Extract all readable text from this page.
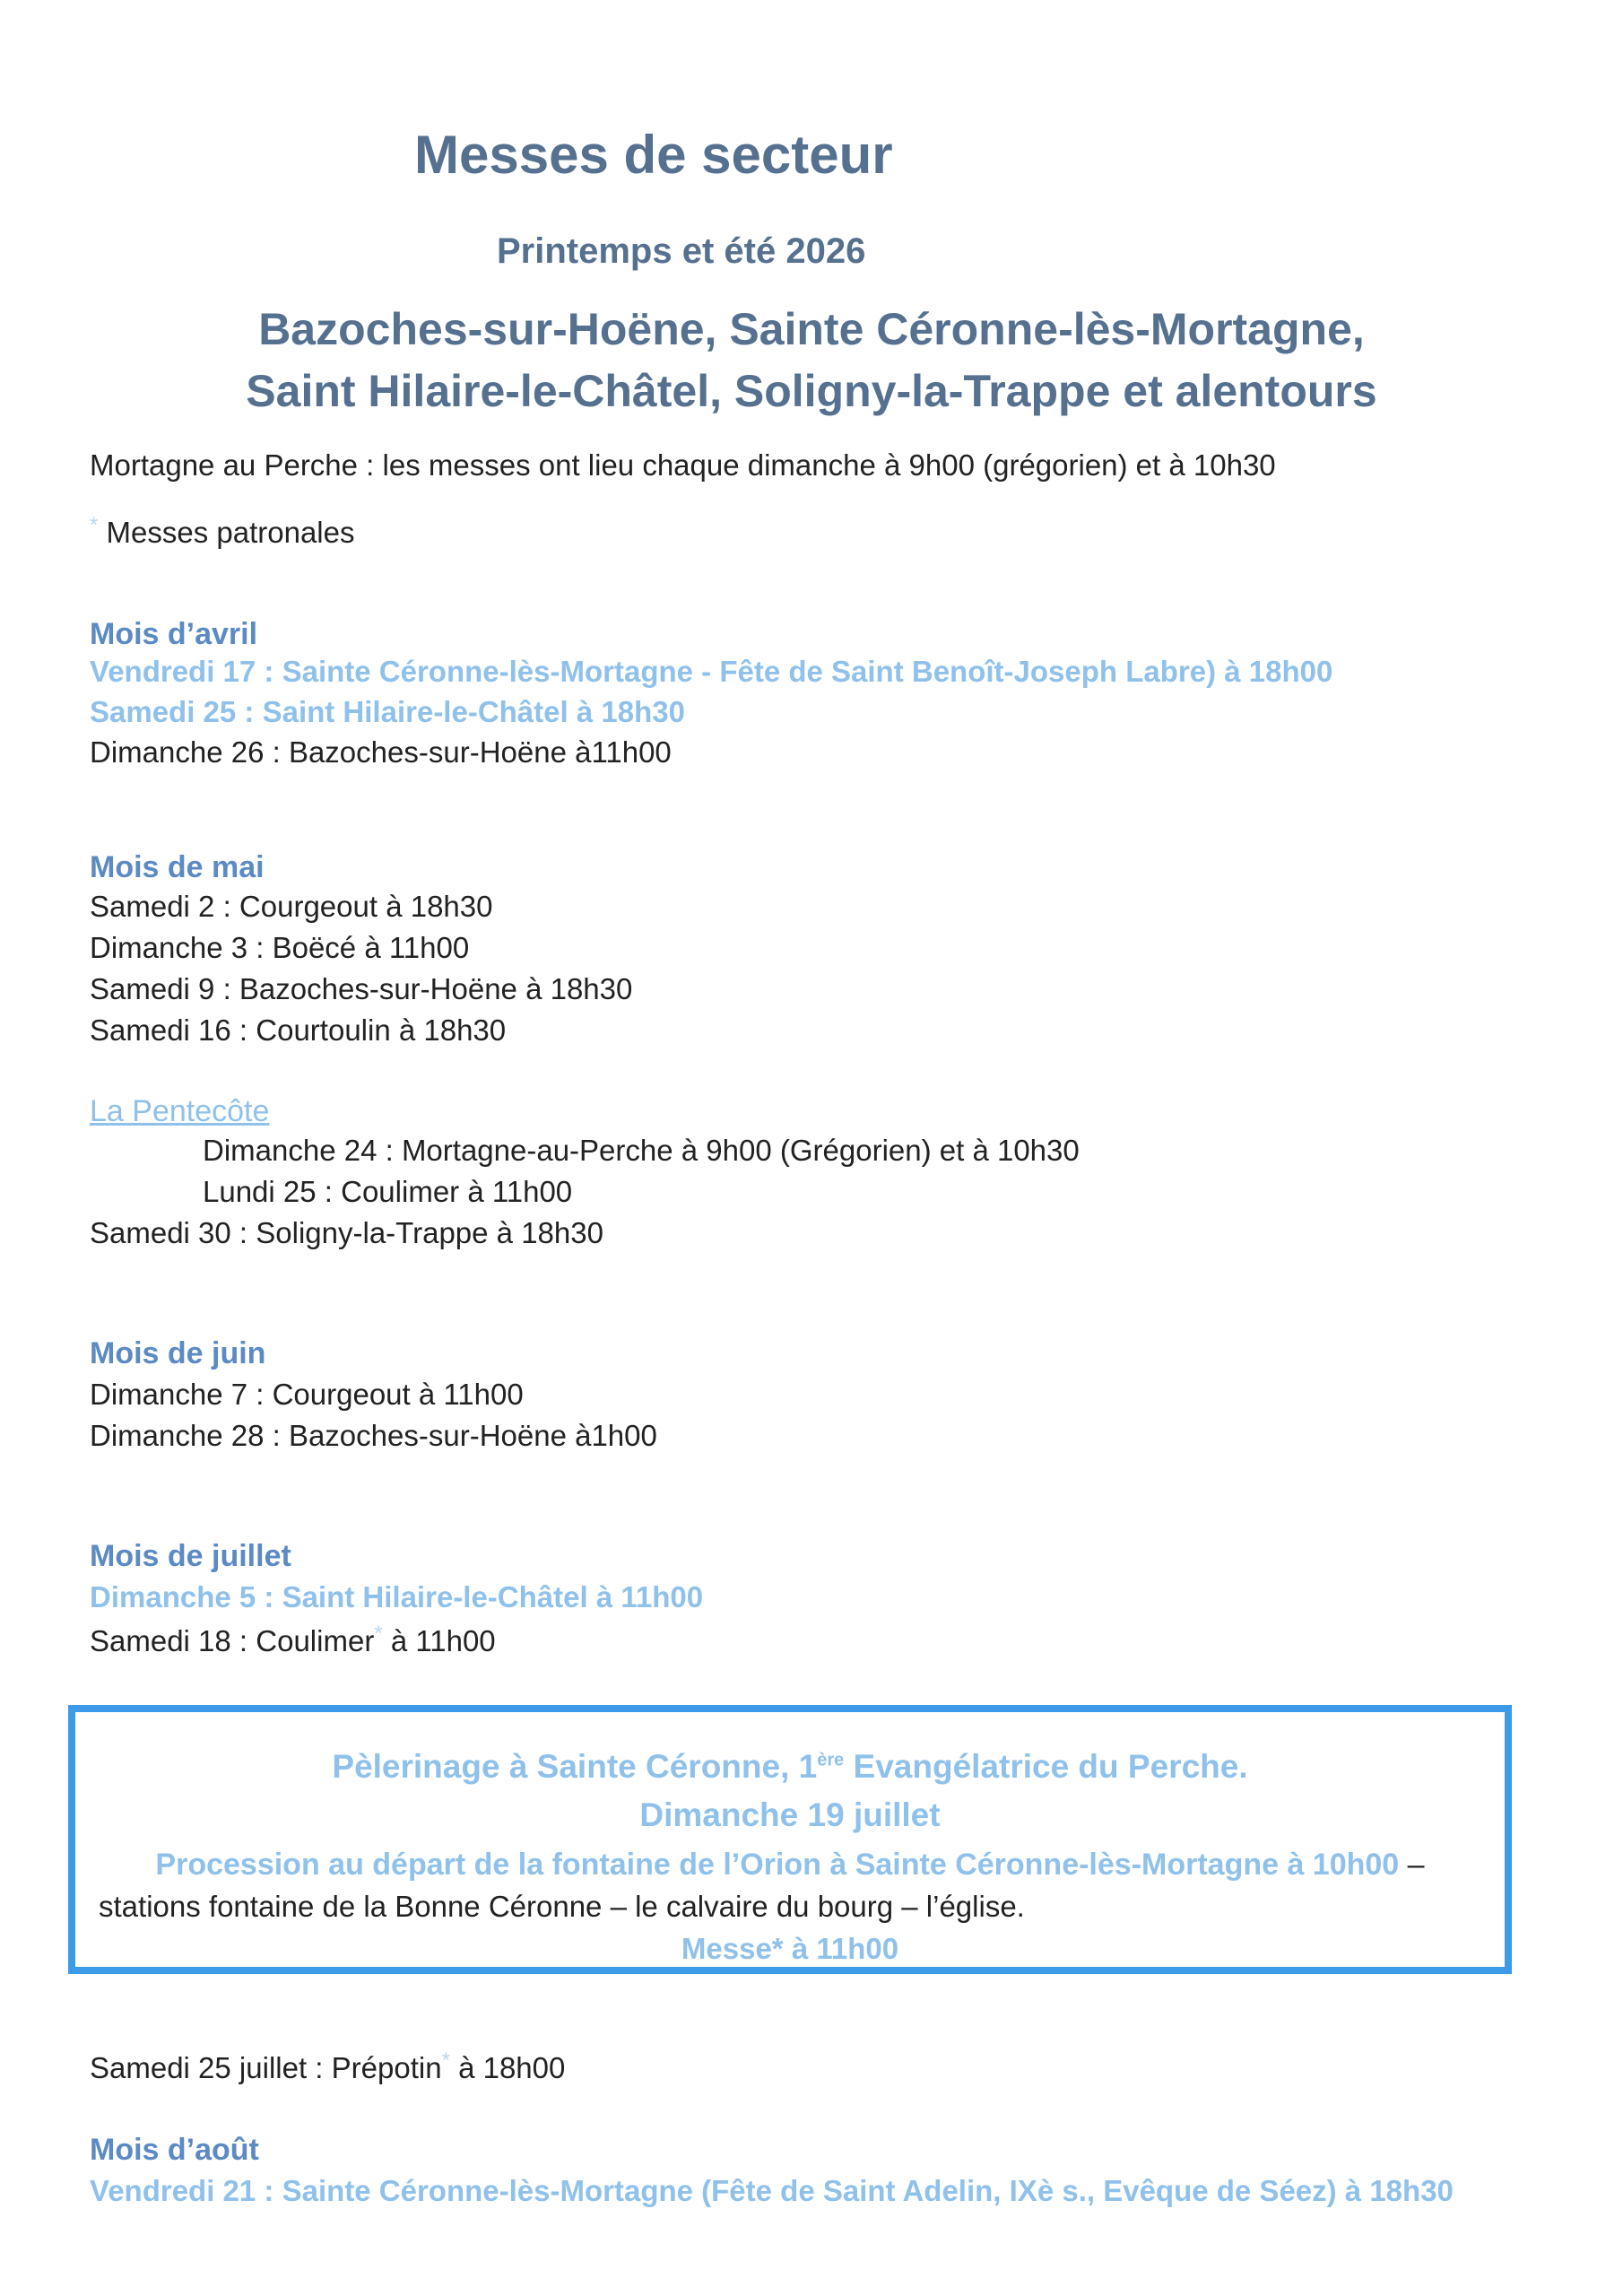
Messes de secteur
Printemps et été 2026
Bazoches-sur-Hoëne, Sainte Céronne-lès-Mortagne,
Saint Hilaire-le-Châtel, Soligny-la-Trappe et alentours
Mortagne au Perche : les messes ont lieu chaque dimanche à 9h00 (grégorien) et à 10h30
* Messes patronales
Mois d’avril
Vendredi 17 : Sainte Céronne-lès-Mortagne - Fête de Saint Benoît-Joseph Labre) à 18h00
Samedi 25 : Saint Hilaire-le-Châtel à 18h30
Dimanche 26 : Bazoches-sur-Hoëne à11h00
Mois de mai
Samedi 2 : Courgeout à 18h30
Dimanche 3 : Boëcé à 11h00
Samedi 9 : Bazoches-sur-Hoëne à 18h30
Samedi 16 : Courtoulin à 18h30
La Pentecôte
Dimanche 24 : Mortagne-au-Perche à 9h00 (Grégorien) et à 10h30
Lundi 25 : Coulimer à 11h00
Samedi 30 : Soligny-la-Trappe à 18h30
Mois de juin
Dimanche 7 : Courgeout à 11h00
Dimanche 28 : Bazoches-sur-Hoëne à1h00
Mois de juillet
Dimanche 5 : Saint Hilaire-le-Châtel à 11h00
Samedi 18 : Coulimer* à 11h00
Pèlerinage à Sainte Céronne, 1ère Evangélatrice du Perche.
Dimanche 19 juillet
Procession au départ de la fontaine de l’Orion à Sainte Céronne-lès-Mortagne à 10h00 –
stations fontaine de la Bonne Céronne – le calvaire du bourg – l’église.
Messe* à 11h00
Samedi 25 juillet : Prépotin* à 18h00
Mois d’août
Vendredi 21 : Sainte Céronne-lès-Mortagne (Fête de Saint Adelin, IXè s., Evêque de Séez) à 18h30
